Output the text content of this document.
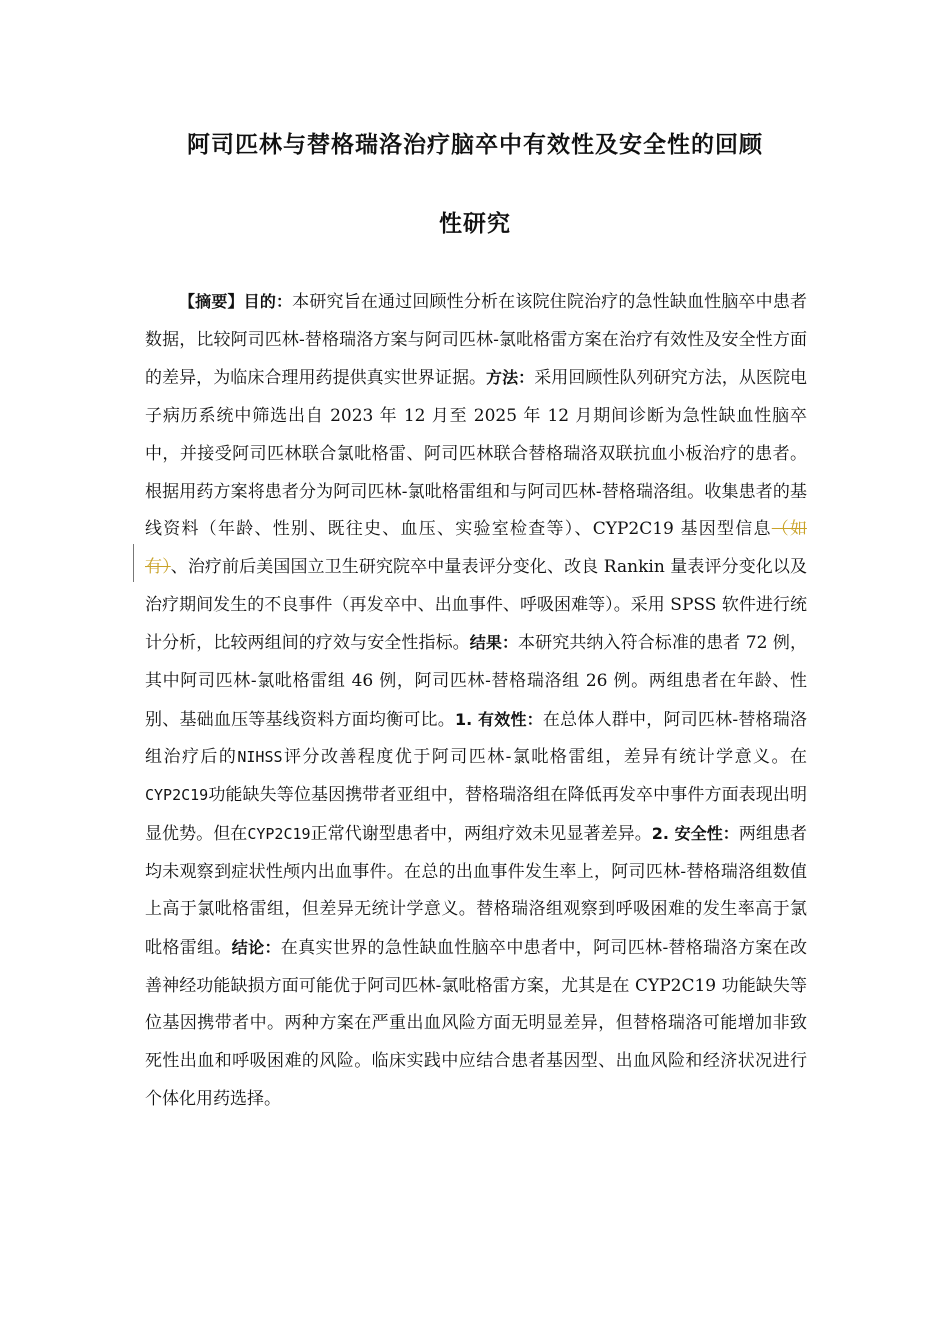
阿司匹林与替格瑞洛治疗脑卒中有效性及安全性的回顾
性研究

【摘要】目的：本研究旨在通过回顾性分析在该院住院治疗的急性缺血性脑卒中患者数据，比较阿司匹林-替格瑞洛方案与阿司匹林-氯吡格雷方案在治疗有效性及安全性方面的差异，为临床合理用药提供真实世界证据。方法：采用回顾性队列研究方法，从医院电子病历系统中筛选出自 2023 年 12 月至 2025 年 12 月期间诊断为急性缺血性脑卒中，并接受阿司匹林联合氯吡格雷、阿司匹林联合替格瑞洛双联抗血小板治疗的患者。根据用药方案将患者分为阿司匹林-氯吡格雷组和与阿司匹林-替格瑞洛组。收集患者的基线资料（年龄、性别、既往史、血压、实验室检查等）、CYP2C19 基因型信息（如有）、治疗前后美国国立卫生研究院卒中量表评分变化、改良 Rankin 量表评分变化以及治疗期间发生的不良事件（再发卒中、出血事件、呼吸困难等）。采用 SPSS 软件进行统计分析，比较两组间的疗效与安全性指标。结果：本研究共纳入符合标准的患者 72 例，其中阿司匹林-氯吡格雷组 46 例，阿司匹林-替格瑞洛组 26 例。两组患者在年龄、性别、基础血压等基线资料方面均衡可比。1. 有效性：在总体人群中，阿司匹林-替格瑞洛组治疗后的NIHSS评分改善程度优于阿司匹林-氯吡格雷组，差异有统计学意义。在CYP2C19功能缺失等位基因携带者亚组中，替格瑞洛组在降低再发卒中事件方面表现出明显优势。但在CYP2C19正常代谢型患者中，两组疗效未见显著差异。2. 安全性：两组患者均未观察到症状性颅内出血事件。在总的出血事件发生率上，阿司匹林-替格瑞洛组数值上高于氯吡格雷组，但差异无统计学意义。替格瑞洛组观察到呼吸困难的发生率高于氯吡格雷组。结论：在真实世界的急性缺血性脑卒中患者中，阿司匹林-替格瑞洛方案在改善神经功能缺损方面可能优于阿司匹林-氯吡格雷方案，尤其是在 CYP2C19 功能缺失等位基因携带者中。两种方案在严重出血风险方面无明显差异，但替格瑞洛可能增加非致死性出血和呼吸困难的风险。临床实践中应结合患者基因型、出血风险和经济状况进行个体化用药选择。
